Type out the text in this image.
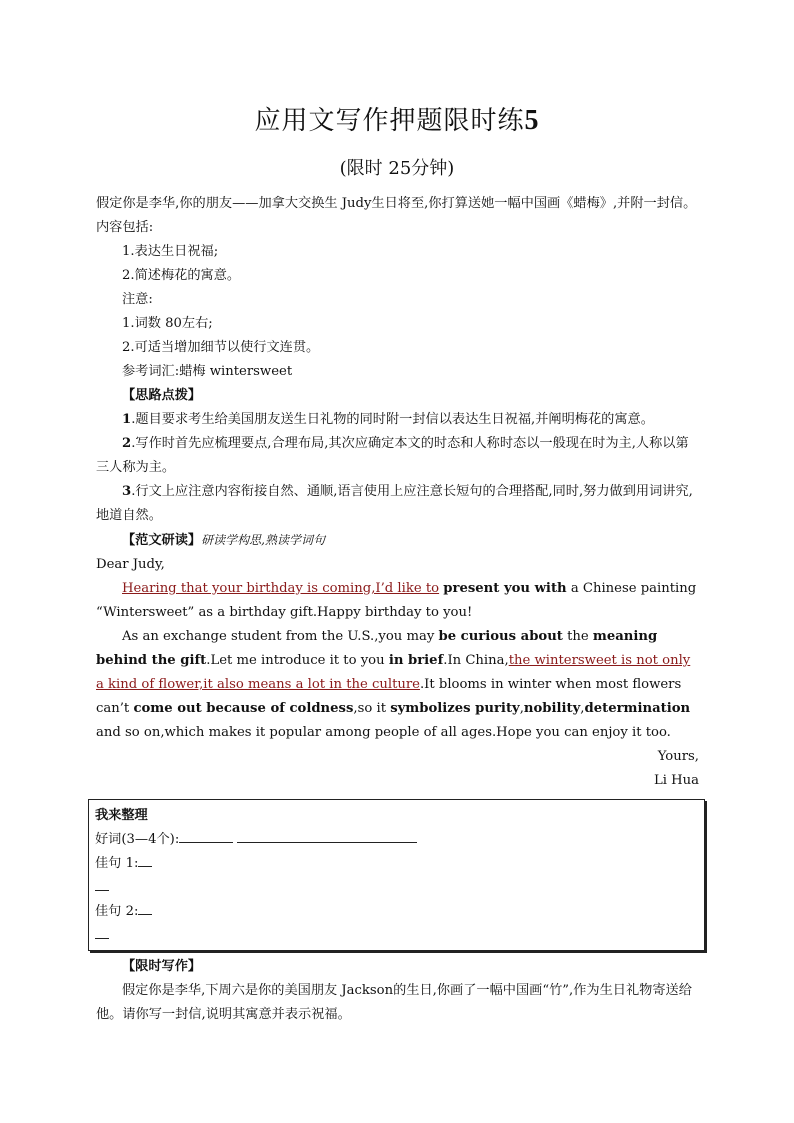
应用文写作押题限时练5
(限时 25分钟)

假定你是李华,你的朋友——加拿大交换生 Judy生日将至,你打算送她一幅中国画《蜡梅》,并附一封信。内容包括:

1.表达生日祝福;

2.简述梅花的寓意。

注意:

1.词数 80左右;

2.可适当增加细节以使行文连贯。

参考词汇:蜡梅 wintersweet

【思路点拨】

1.题目要求考生给美国朋友送生日礼物的同时附一封信以表达生日祝福,并阐明梅花的寓意。

2.写作时首先应梳理要点,合理布局,其次应确定本文的时态和人称时态以一般现在时为主,人称以第三人称为主。

3.行文上应注意内容衔接自然、通顺,语言使用上应注意长短句的合理搭配,同时,努力做到用词讲究,地道自然。

【范文研读】研读学构思,熟读学词句

Dear Judy,

Hearing that your birthday is coming,I’d like to present you with a Chinese painting “Wintersweet” as a birthday gift.Happy birthday to you!

As an exchange student from the U.S.,you may be curious about the meaning behind the gift.Let me introduce it to you in brief.In China,the wintersweet is not only a kind of flower,it also means a lot in the culture.It blooms in winter when most flowers can’t come out because of coldness,so it symbolizes purity,nobility,determination and so on,which makes it popular among people of all ages.Hope you can enjoy it too.

Yours,

Li Hua

我来整理

好词(3—4个):

佳句 1:

佳句 2:

【限时写作】

假定你是李华,下周六是你的美国朋友 Jackson的生日,你画了一幅中国画“竹”,作为生日礼物寄送给他。请你写一封信,说明其寓意并表示祝福。
